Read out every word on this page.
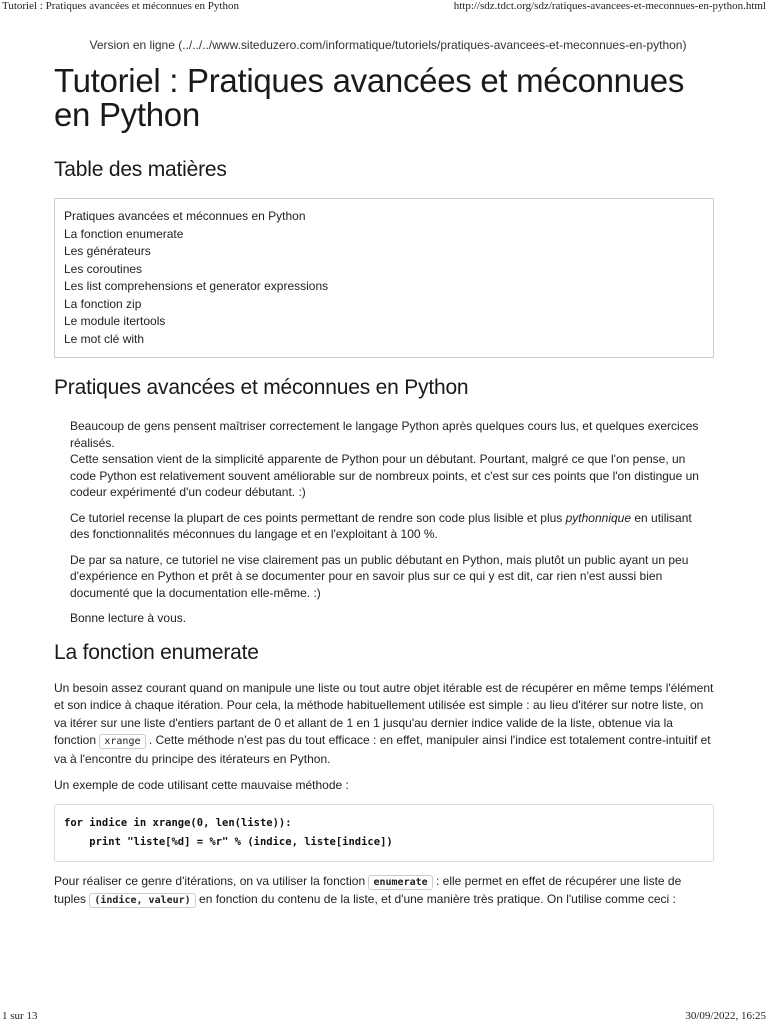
Tutoriel : Pratiques avancées et méconnues en Python	http://sdz.tdct.org/sdz/ratiques-avancees-et-meconnues-en-python.html
Version en ligne (../../../www.siteduzero.com/informatique/tutoriels/pratiques-avancees-et-meconnues-en-python)
Tutoriel : Pratiques avancées et méconnues en Python
Table des matières
Pratiques avancées et méconnues en Python
La fonction enumerate
Les générateurs
Les coroutines
Les list comprehensions et generator expressions
La fonction zip
Le module itertools
Le mot clé with
Pratiques avancées et méconnues en Python

Beaucoup de gens pensent maîtriser correctement le langage Python après quelques cours lus, et quelques exercices réalisés.
Cette sensation vient de la simplicité apparente de Python pour un débutant. Pourtant, malgré ce que l'on pense, un code Python est relativement souvent améliorable sur de nombreux points, et c'est sur ces points que l'on distingue un codeur expérimenté d'un codeur débutant. :)

Ce tutoriel recense la plupart de ces points permettant de rendre son code plus lisible et plus pythonnique en utilisant des fonctionnalités méconnues du langage et en l'exploitant à 100 %.

De par sa nature, ce tutoriel ne vise clairement pas un public débutant en Python, mais plutôt un public ayant un peu d'expérience en Python et prêt à se documenter pour en savoir plus sur ce qui y est dit, car rien n'est aussi bien documenté que la documentation elle-même. :)

Bonne lecture à vous.

La fonction enumerate

Un besoin assez courant quand on manipule une liste ou tout autre objet itérable est de récupérer en même temps l'élément et son indice à chaque itération. Pour cela, la méthode habituellement utilisée est simple : au lieu d'itérer sur notre liste, on va itérer sur une liste d'entiers partant de 0 et allant de 1 en 1 jusqu'au dernier indice valide de la liste, obtenue via la fonction xrange . Cette méthode n'est pas du tout efficace : en effet, manipuler ainsi l'indice est totalement contre-intuitif et va à l'encontre du principe des itérateurs en Python.

Un exemple de code utilisant cette mauvaise méthode :

for indice in xrange(0, len(liste)):
print "liste[%d] = %r" % (indice, liste[indice])

Pour réaliser ce genre d'itérations, on va utiliser la fonction enumerate : elle permet en effet de récupérer une liste de tuples (indice, valeur) en fonction du contenu de la liste, et d'une manière très pratique. On l'utilise comme ceci :

1 sur 13	30/09/2022, 16:25
